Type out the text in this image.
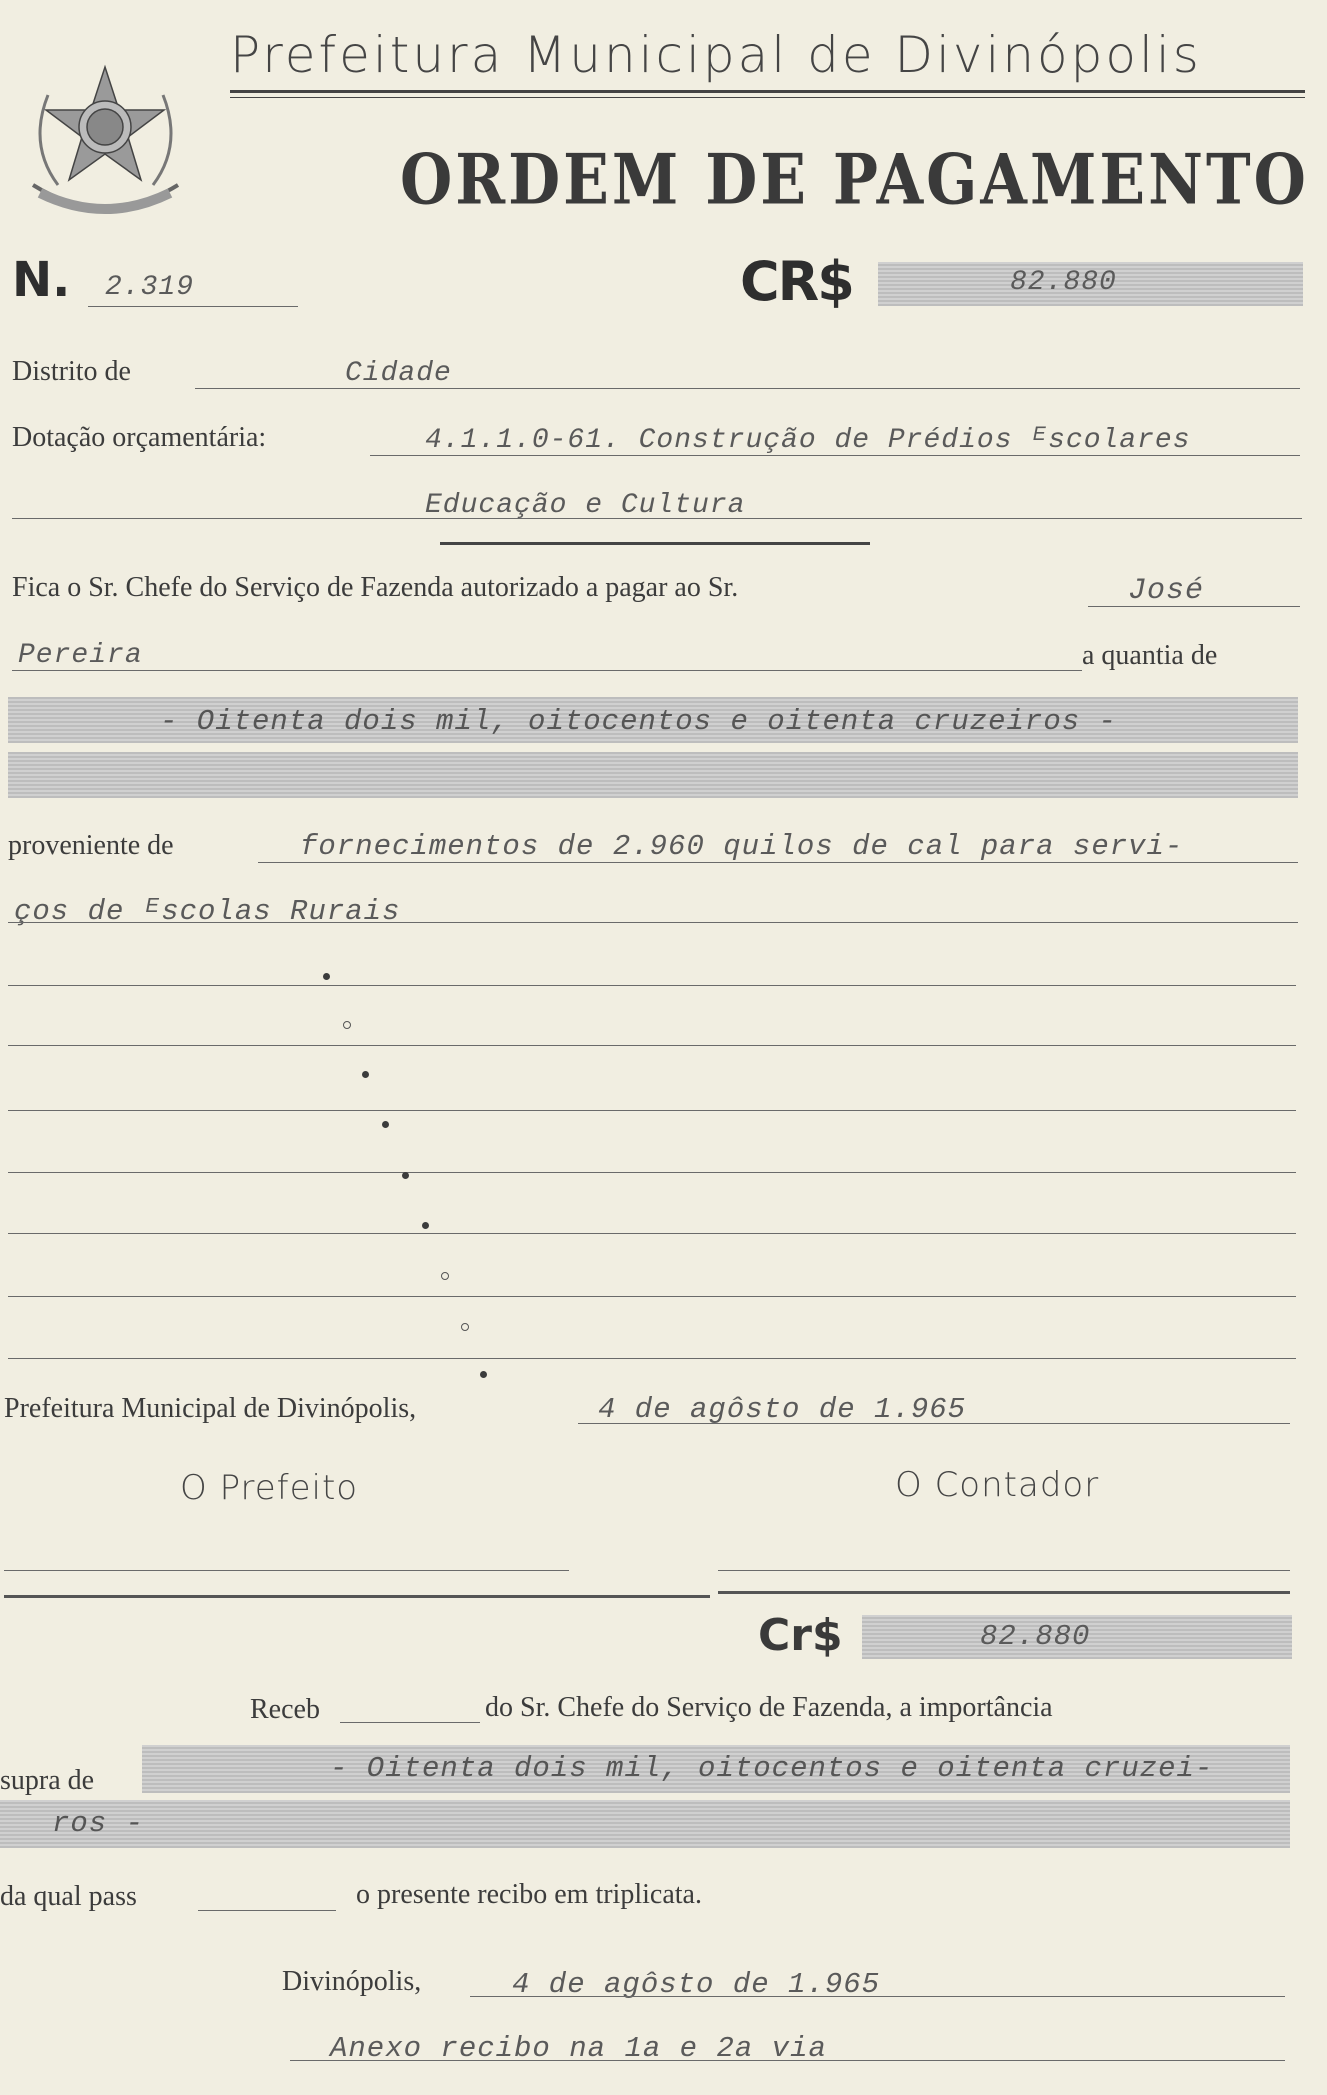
Prefeitura Municipal de Divinópolis
ORDEM DE PAGAMENTO
N. 2.319	CR$	82.880
Distrito de	Cidade
Dotação orçamentária:	4.1.1.0-61. Construção de Prédios ᴱscolares
Educação e Cultura
Fica o Sr. Chefe do Serviço de Fazenda autorizado a pagar ao Sr.	José
Pereira	a quantia de
- Oitenta dois mil, oitocentos e oitenta cruzeiros -
proveniente de	fornecimentos de 2.960 quilos de cal para servi-
ços de ᴱscolas Rurais
Prefeitura Municipal de Divinópolis,	4 de agôsto de 1.965
O Prefeito	O Contador
Cr$	82.880
Receb	do Sr. Chefe do Serviço de Fazenda, a importância
supra de	- Oitenta dois mil, oitocentos e oitenta cruzei-
ros -
da qual pass	o presente recibo em triplicata.
Divinópolis,	4 de agôsto de 1.965
Anexo recibo na 1a e 2a via
